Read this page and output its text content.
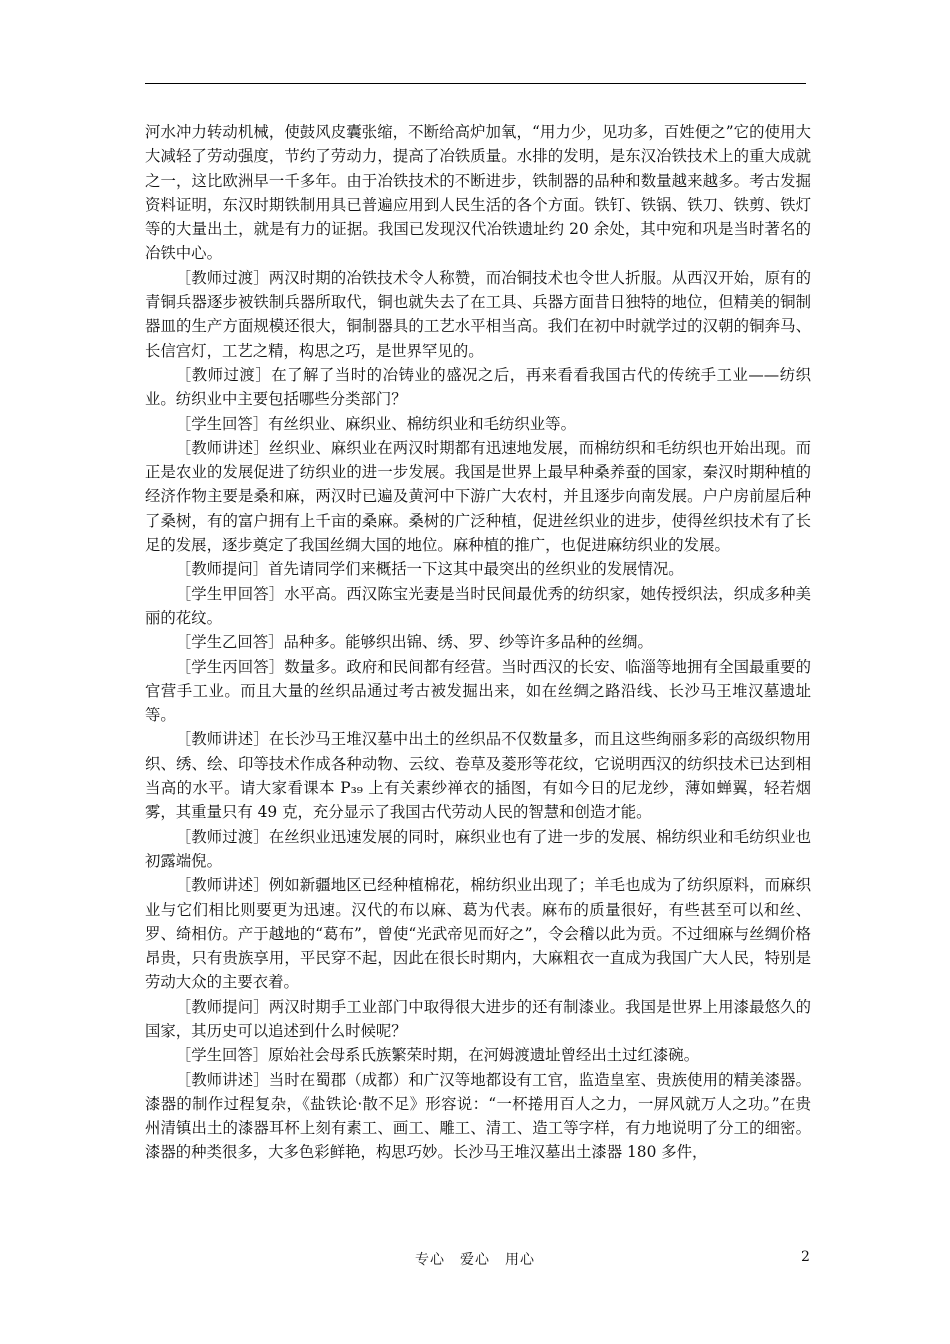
河水冲力转动机械，使鼓风皮囊张缩，不断给高炉加氧，“用力少，见功多，百姓便之”它的使用大大减轻了劳动强度，节约了劳动力，提高了冶铁质量。水排的发明，是东汉冶铁技术上的重大成就之一，这比欧洲早一千多年。由于冶铁技术的不断进步，铁制器的品种和数量越来越多。考古发掘资料证明，东汉时期铁制用具已普遍应用到人民生活的各个方面。铁钉、铁锅、铁刀、铁剪、铁灯等的大量出土，就是有力的证据。我国已发现汉代冶铁遗址约 20 余处，其中宛和巩是当时著名的冶铁中心。

［教师过渡］两汉时期的冶铁技术令人称赞，而冶铜技术也令世人折服。从西汉开始，原有的青铜兵器逐步被铁制兵器所取代，铜也就失去了在工具、兵器方面昔日独特的地位，但精美的铜制器皿的生产方面规模还很大，铜制器具的工艺水平相当高。我们在初中时就学过的汉朝的铜奔马、长信宫灯，工艺之精，构思之巧，是世界罕见的。

［教师过渡］在了解了当时的冶铸业的盛况之后，再来看看我国古代的传统手工业——纺织业。纺织业中主要包括哪些分类部门？

［学生回答］有丝织业、麻织业、棉纺织业和毛纺织业等。

［教师讲述］丝织业、麻织业在两汉时期都有迅速地发展，而棉纺织和毛纺织也开始出现。而正是农业的发展促进了纺织业的进一步发展。我国是世界上最早种桑养蚕的国家，秦汉时期种植的经济作物主要是桑和麻，两汉时已遍及黄河中下游广大农村，并且逐步向南发展。户户房前屋后种了桑树，有的富户拥有上千亩的桑麻。桑树的广泛种植，促进丝织业的进步，使得丝织技术有了长足的发展，逐步奠定了我国丝绸大国的地位。麻种植的推广，也促进麻纺织业的发展。

［教师提问］首先请同学们来概括一下这其中最突出的丝织业的发展情况。

［学生甲回答］水平高。西汉陈宝光妻是当时民间最优秀的纺织家，她传授织法，织成多种美丽的花纹。

［学生乙回答］品种多。能够织出锦、绣、罗、纱等许多品种的丝绸。

［学生丙回答］数量多。政府和民间都有经营。当时西汉的长安、临淄等地拥有全国最重要的官营手工业。而且大量的丝织品通过考古被发掘出来，如在丝绸之路沿线、长沙马王堆汉墓遗址等。

［教师讲述］在长沙马王堆汉墓中出土的丝织品不仅数量多，而且这些绚丽多彩的高级织物用织、绣、绘、印等技术作成各种动物、云纹、卷草及菱形等花纹，它说明西汉的纺织技术已达到相当高的水平。请大家看课本 P₃₉ 上有关素纱禅衣的插图，有如今日的尼龙纱，薄如蝉翼，轻若烟雾，其重量只有 49 克，充分显示了我国古代劳动人民的智慧和创造才能。

［教师过渡］在丝织业迅速发展的同时，麻织业也有了进一步的发展、棉纺织业和毛纺织业也初露端倪。

［教师讲述］例如新疆地区已经种植棉花，棉纺织业出现了；羊毛也成为了纺织原料，而麻织业与它们相比则要更为迅速。汉代的布以麻、葛为代表。麻布的质量很好，有些甚至可以和丝、罗、绮相仿。产于越地的“葛布”，曾使“光武帝见而好之”，令会稽以此为贡。不过细麻与丝绸价格昂贵，只有贵族享用，平民穿不起，因此在很长时期内，大麻粗衣一直成为我国广大人民，特别是劳动大众的主要衣着。

［教师提问］两汉时期手工业部门中取得很大进步的还有制漆业。我国是世界上用漆最悠久的国家，其历史可以追述到什么时候呢？

［学生回答］原始社会母系氏族繁荣时期，在河姆渡遗址曾经出土过红漆碗。

［教师讲述］当时在蜀郡（成都）和广汉等地都设有工官，监造皇室、贵族使用的精美漆器。漆器的制作过程复杂，《盐铁论·散不足》形容说：“一杯捲用百人之力，一屏风就万人之功。”在贵州清镇出土的漆器耳杯上刻有素工、画工、雕工、清工、造工等字样，有力地说明了分工的细密。漆器的种类很多，大多色彩鲜艳，构思巧妙。长沙马王堆汉墓出土漆器 180 多件，

专心　爱心　用心	2
